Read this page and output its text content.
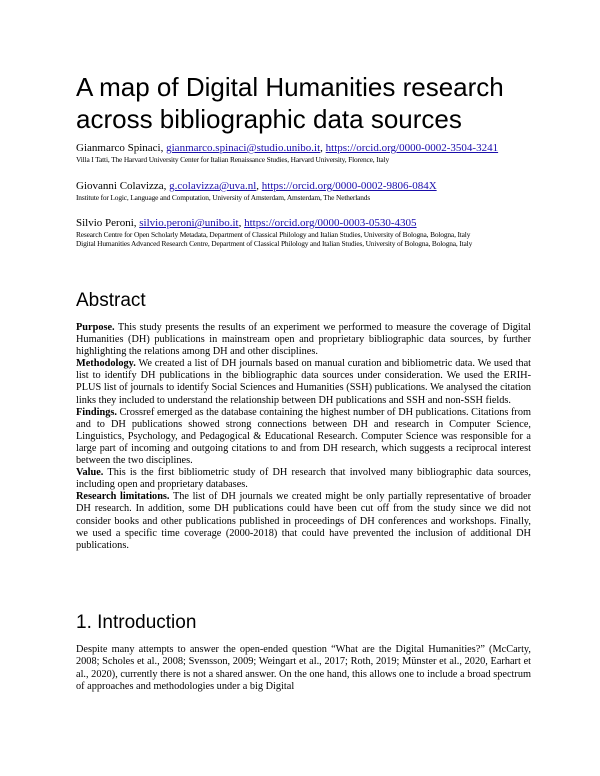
A map of Digital Humanities research across bibliographic data sources
Gianmarco Spinaci, gianmarco.spinaci@studio.unibo.it, https://orcid.org/0000-0002-3504-3241
Villa I Tatti, The Harvard University Center for Italian Renaissance Studies, Harvard University, Florence, Italy
Giovanni Colavizza, g.colavizza@uva.nl, https://orcid.org/0000-0002-9806-084X
Institute for Logic, Language and Computation, University of Amsterdam, Amsterdam, The Netherlands
Silvio Peroni, silvio.peroni@unibo.it, https://orcid.org/0000-0003-0530-4305
Research Centre for Open Scholarly Metadata, Department of Classical Philology and Italian Studies, University of Bologna, Bologna, Italy
Digital Humanities Advanced Research Centre, Department of Classical Philology and Italian Studies, University of Bologna, Bologna, Italy
Abstract

Purpose. This study presents the results of an experiment we performed to measure the coverage of Digital Humanities (DH) publications in mainstream open and proprietary bibliographic data sources, by further highlighting the relations among DH and other disciplines.

Methodology. We created a list of DH journals based on manual curation and bibliometric data. We used that list to identify DH publications in the bibliographic data sources under consideration. We used the ERIH-PLUS list of journals to identify Social Sciences and Humanities (SSH) publications. We analysed the citation links they included to understand the relationship between DH publications and SSH and non-SSH fields.

Findings. Crossref emerged as the database containing the highest number of DH publications. Citations from and to DH publications showed strong connections between DH and research in Computer Science, Linguistics, Psychology, and Pedagogical & Educational Research. Computer Science was responsible for a large part of incoming and outgoing citations to and from DH research, which suggests a reciprocal interest between the two disciplines.

Value. This is the first bibliometric study of DH research that involved many bibliographic data sources, including open and proprietary databases.

Research limitations. The list of DH journals we created might be only partially representative of broader DH research. In addition, some DH publications could have been cut off from the study since we did not consider books and other publications published in proceedings of DH conferences and workshops. Finally, we used a specific time coverage (2000-2018) that could have prevented the inclusion of additional DH publications.

1. Introduction

Despite many attempts to answer the open-ended question “What are the Digital Humanities?” (McCarty, 2008; Scholes et al., 2008; Svensson, 2009; Weingart et al., 2017; Roth, 2019; Münster et al., 2020, Earhart et al., 2020), currently there is not a shared answer. On the one hand, this allows one to include a broad spectrum of approaches and methodologies under a big Digital
